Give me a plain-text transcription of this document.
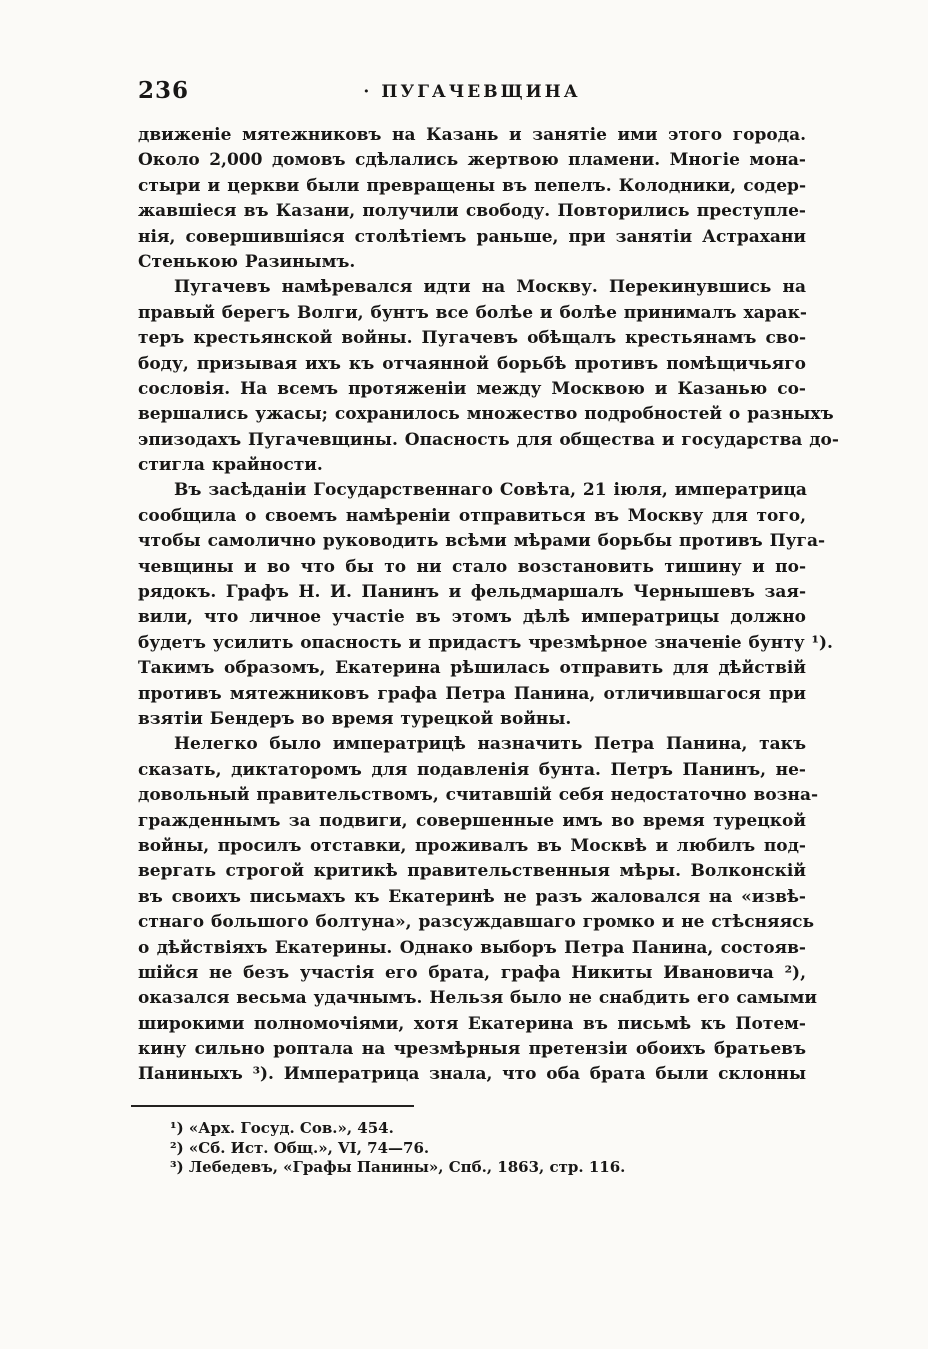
236	· ПУГАЧЕВЩИНА
движеніе мятежниковъ на Казань и занятіе ими этого города.
Около 2,000 домовъ сдѣлались жертвою пламени. Многіе мона-
стыри и церкви были превращены въ пепелъ. Колодники, содер-
жавшіеся въ Казани, получили свободу. Повторились преступле-
нія, совершившіяся столѣтіемъ раньше, при занятіи Астрахани
Стенькою Разинымъ.
Пугачевъ намѣревался идти на Москву. Перекинувшись на
правый берегъ Волги, бунтъ все болѣе и болѣе принималъ харак-
теръ крестьянской войны. Пугачевъ обѣщалъ крестьянамъ сво-
боду, призывая ихъ къ отчаянной борьбѣ противъ помѣщичьяго
сословія. На всемъ протяженіи между Москвою и Казанью со-
вершались ужасы; сохранилось множество подробностей о разныхъ
эпизодахъ Пугачевщины. Опасность для общества и государства до-
стигла крайности.
Въ засѣданіи Государственнаго Совѣта, 21 іюля, императрица
сообщила о своемъ намѣреніи отправиться въ Москву для того,
чтобы самолично руководить всѣми мѣрами борьбы противъ Пуга-
чевщины и во что бы то ни стало возстановить тишину и по-
рядокъ. Графъ Н. И. Панинъ и фельдмаршалъ Чернышевъ зая-
вили, что личное участіе въ этомъ дѣлѣ императрицы должно
будетъ усилить опасность и придастъ чрезмѣрное значеніе бунту ¹).
Такимъ образомъ, Екатерина рѣшилась отправить для дѣйствій
противъ мятежниковъ графа Петра Панина, отличившагося при
взятіи Бендеръ во время турецкой войны.
Нелегко было императрицѣ назначить Петра Панина, такъ
сказать, диктаторомъ для подавленія бунта. Петръ Панинъ, не-
довольный правительствомъ, считавшій себя недостаточно возна-
гражденнымъ за подвиги, совершенные имъ во время турецкой
войны, просилъ отставки, проживалъ въ Москвѣ и любилъ под-
вергать строгой критикѣ правительственныя мѣры. Волконскій
въ своихъ письмахъ къ Екатеринѣ не разъ жаловался на «извѣ-
стнаго большого болтуна», разсуждавшаго громко и не стѣсняясь
о дѣйствіяхъ Екатерины. Однако выборъ Петра Панина, состояв-
шійся не безъ участія его брата, графа Никиты Ивановича ²),
оказался весьма удачнымъ. Нельзя было не снабдить его самыми
широкими полномочіями, хотя Екатерина въ письмѣ къ Потем-
кину сильно роптала на чрезмѣрныя претензіи обоихъ братьевъ
Паниныхъ ³). Императрица знала, что оба брата были склонны
¹) «Арх. Госуд. Сов.», 454.
²) «Сб. Ист. Общ.», VI, 74—76.
³) Лебедевъ, «Графы Панины», Спб., 1863, стр. 116.
